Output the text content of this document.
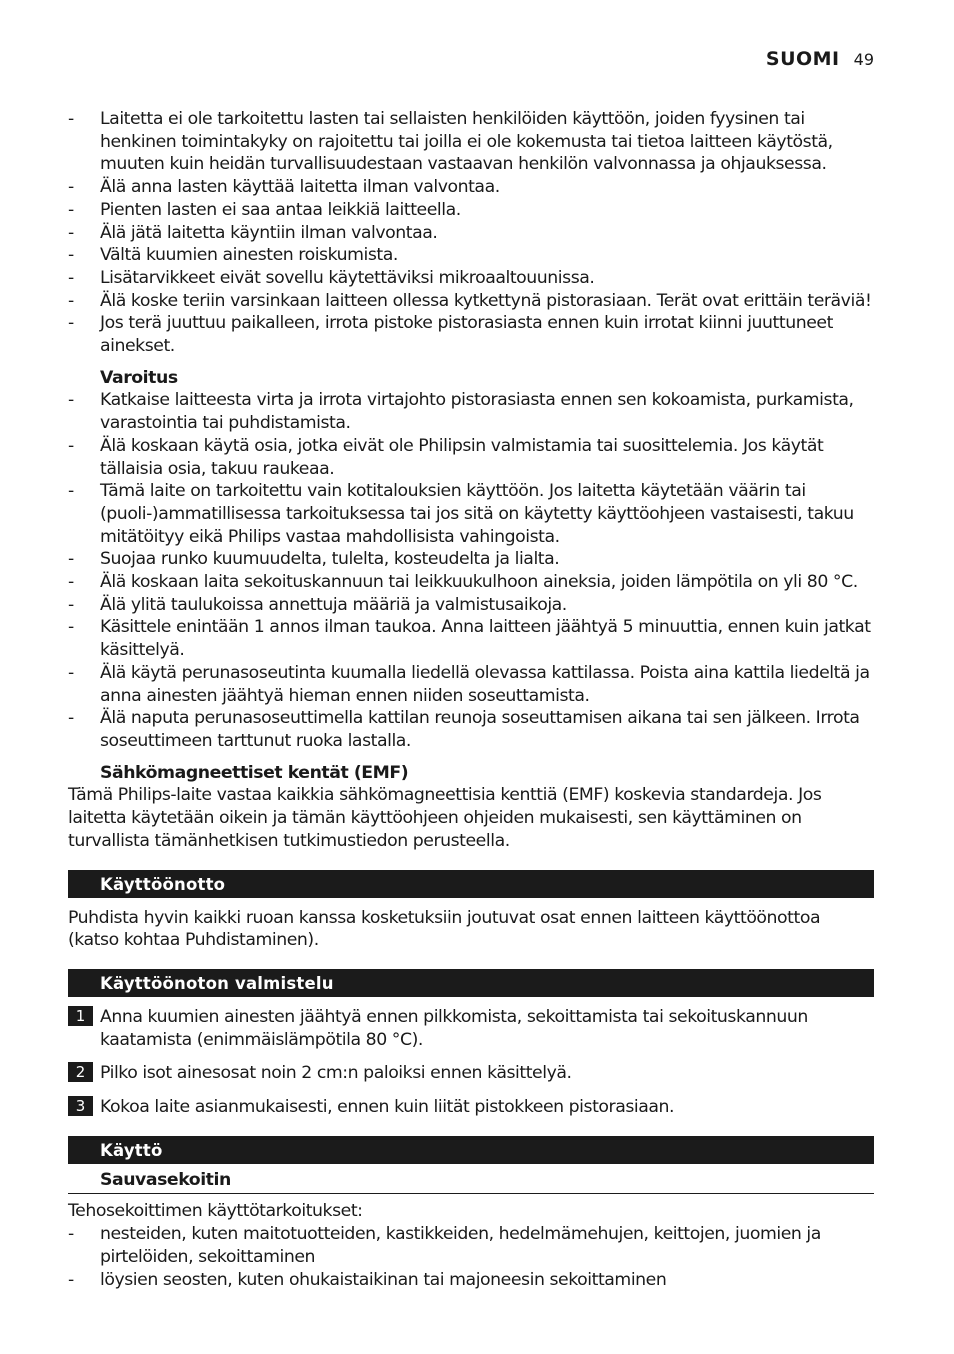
SUOMI 49
- Laitetta ei ole tarkoitettu lasten tai sellaisten henkilöiden käyttöön, joiden fyysinen tai henkinen toimintakyky on rajoitettu tai joilla ei ole kokemusta tai tietoa laitteen käytöstä, muuten kuin heidän turvallisuudestaan vastaavan henkilön valvonnassa ja ohjauksessa.
- Älä anna lasten käyttää laitetta ilman valvontaa.
- Pienten lasten ei saa antaa leikkiä laitteella.
- Älä jätä laitetta käyntiin ilman valvontaa.
- Vältä kuumien ainesten roiskumista.
- Lisätarvikkeet eivät sovellu käytettäviksi mikroaaltouunissa.
- Älä koske teriin varsinkaan laitteen ollessa kytkettynä pistorasiaan. Terät ovat erittäin teräviä!
- Jos terä juuttuu paikalleen, irrota pistoke pistorasiasta ennen kuin irrotat kiinni juuttuneet ainekset.
Varoitus
- Katkaise laitteesta virta ja irrota virtajohto pistorasiasta ennen sen kokoamista, purkamista, varastointia tai puhdistamista.
- Älä koskaan käytä osia, jotka eivät ole Philipsin valmistamia tai suosittelemia. Jos käytät tällaisia osia, takuu raukeaa.
- Tämä laite on tarkoitettu vain kotitalouksien käyttöön. Jos laitetta käytetään väärin tai (puoli-)ammatillisessa tarkoituksessa tai jos sitä on käytetty käyttöohjeen vastaisesti, takuu mitätöityy eikä Philips vastaa mahdollisista vahingoista.
- Suojaa runko kuumuudelta, tulelta, kosteudelta ja lialta.
- Älä koskaan laita sekoituskannuun tai leikkuukulhoon aineksia, joiden lämpötila on yli 80 °C.
- Älä ylitä taulukoissa annettuja määriä ja valmistusaikoja.
- Käsittele enintään 1 annos ilman taukoa. Anna laitteen jäähtyä 5 minuuttia, ennen kuin jatkat käsittelyä.
- Älä käytä perunasoseutinta kuumalla liedellä olevassa kattilassa. Poista aina kattila liedeltä ja anna ainesten jäähtyä hieman ennen niiden soseuttamista.
- Älä naputa perunasoseuttimella kattilan reunoja soseuttamisen aikana tai sen jälkeen. Irrota soseuttimeen tarttunut ruoka lastalla.
Sähkömagneettiset kentät (EMF)

Tämä Philips-laite vastaa kaikkia sähkömagneettisia kenttiä (EMF) koskevia standardeja. Jos laitetta käytetään oikein ja tämän käyttöohjeen ohjeiden mukaisesti, sen käyttäminen on turvallista tämänhetkisen tutkimustiedon perusteella.

Käyttöönotto

Puhdista hyvin kaikki ruoan kanssa kosketuksiin joutuvat osat ennen laitteen käyttöönottoa (katso kohtaa Puhdistaminen).

Käyttöönoton valmistelu
1 Anna kuumien ainesten jäähtyä ennen pilkkomista, sekoittamista tai sekoituskannuun kaatamista (enimmäislämpötila 80 °C).
2 Pilko isot ainesosat noin 2 cm:n paloiksi ennen käsittelyä.
3 Kokoa laite asianmukaisesti, ennen kuin liität pistokkeen pistorasiaan.
Käyttö
Sauvasekoitin

Tehosekoittimen käyttötarkoitukset:

- nesteiden, kuten maitotuotteiden, kastikkeiden, hedelmämehujen, keittojen, juomien ja pirtelöiden, sekoittaminen
- löysien seosten, kuten ohukaistaikinan tai majoneesin sekoittaminen
